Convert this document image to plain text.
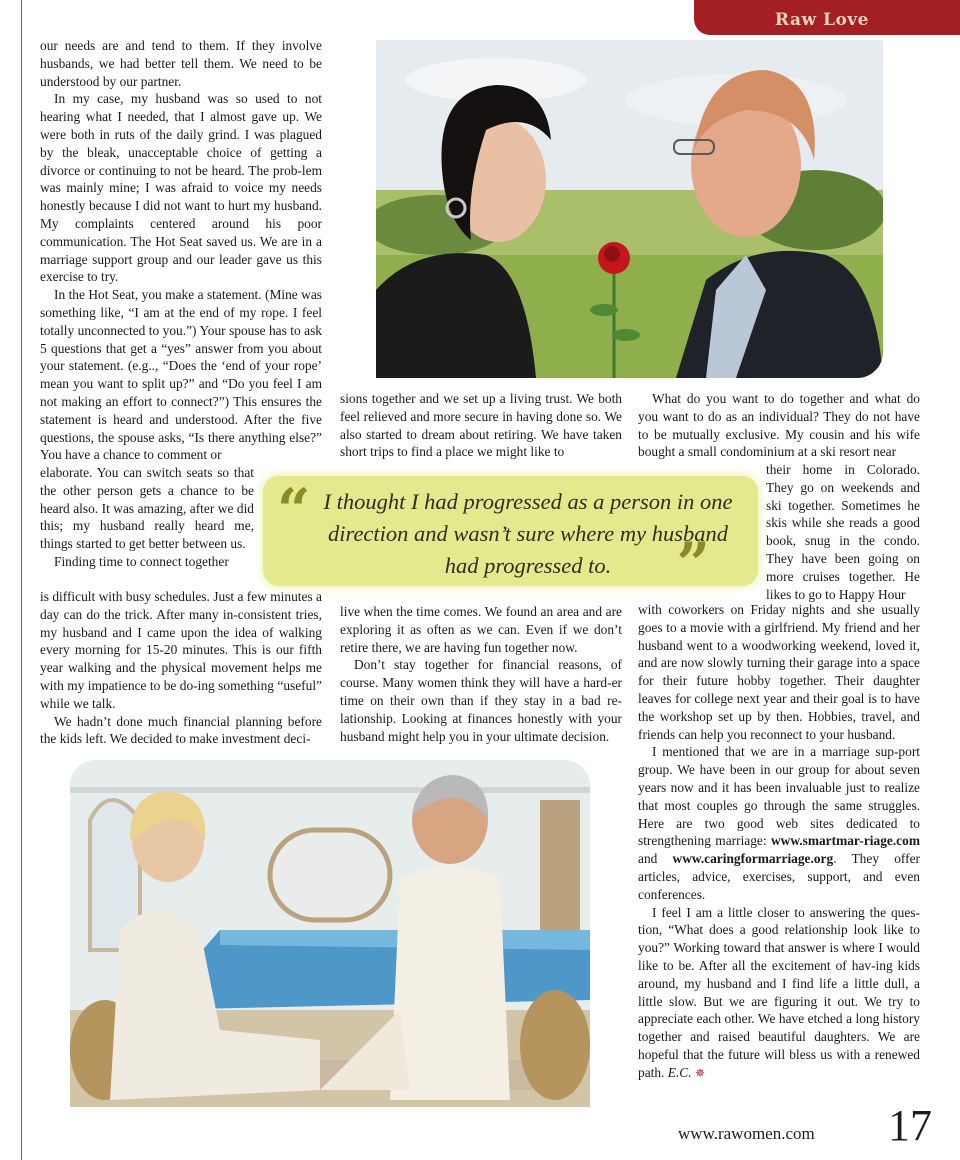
Raw Love

our needs are and tend to them. If they involve husbands, we had better tell them. We need to be understood by our partner.

In my case, my husband was so used to not hearing what I needed, that I almost gave up. We were both in ruts of the daily grind. I was plagued by the bleak, unacceptable choice of getting a divorce or continuing to not be heard. The prob-lem was mainly mine; I was afraid to voice my needs honestly because I did not want to hurt my husband. My complaints centered around his poor communication. The Hot Seat saved us. We are in a marriage support group and our leader gave us this exercise to try.

In the Hot Seat, you make a statement. (Mine was something like, “I am at the end of my rope. I feel totally unconnected to you.”) Your spouse has to ask 5 questions that get a “yes” answer from you about your statement. (e.g.., “Does the ‘end of your rope’ mean you want to split up?” and “Do you feel I am not making an effort to connect?”) This ensures the statement is heard and understood. After the five questions, the spouse asks, “Is there anything else?” You have a chance to comment or

elaborate. You can switch seats so that the other person gets a chance to be heard also. It was amazing, after we did this; my husband really heard me, things started to get better between us.

Finding time to connect together

is difficult with busy schedules. Just a few minutes a day can do the trick. After many in-consistent tries, my husband and I came upon the idea of walking every morning for 15-20 minutes. This is our fifth year walking and the physical movement helps me with my impatience to be do-ing something “useful” while we talk.

We hadn’t done much financial planning before the kids left. We decided to make investment deci-

sions together and we set up a living trust. We both feel relieved and more secure in having done so. We also started to dream about retiring. We have taken short trips to find a place we might like to

live when the time comes. We found an area and are exploring it as often as we can. Even if we don’t retire there, we are having fun together now.

Don’t stay together for financial reasons, of course. Many women think they will have a hard-er time on their own than if they stay in a bad re-lationship. Looking at finances honestly with your husband might help you in your ultimate decision.

What do you want to do together and what do you want to do as an individual? They do not have to be mutually exclusive. My cousin and his wife bought a small condominium at a ski resort near

their home in Colorado. They go on weekends and ski together. Sometimes he skis while she reads a good book, snug in the condo. They have been going on more cruises together. He likes to go to Happy Hour

with coworkers on Friday nights and she usually goes to a movie with a girlfriend. My friend and her husband went to a woodworking weekend, loved it, and are now slowly turning their garage into a space for their future hobby together. Their daughter leaves for college next year and their goal is to have the workshop set up by then. Hobbies, travel, and friends can help you reconnect to your husband.

I mentioned that we are in a marriage sup-port group. We have been in our group for about seven years now and it has been invaluable just to realize that most couples go through the same struggles. Here are two good web sites dedicated to strengthening marriage: www.smartmar-riage.com and www.caringformarriage.org. They offer articles, advice, exercises, support, and even conferences.

I feel I am a little closer to answering the ques-tion, “What does a good relationship look like to you?” Working toward that answer is where I would like to be. After all the excitement of hav-ing kids around, my husband and I find life a little dull, a little slow. But we are figuring it out. We try to appreciate each other. We have etched a long history together and raised beautiful daughters. We are hopeful that the future will bless us with a renewed path. E.C. ✵

“ I thought I had progressed as a person in one direction and wasn’t sure where my husband had progressed to.	”
www.rawomen.com 17
